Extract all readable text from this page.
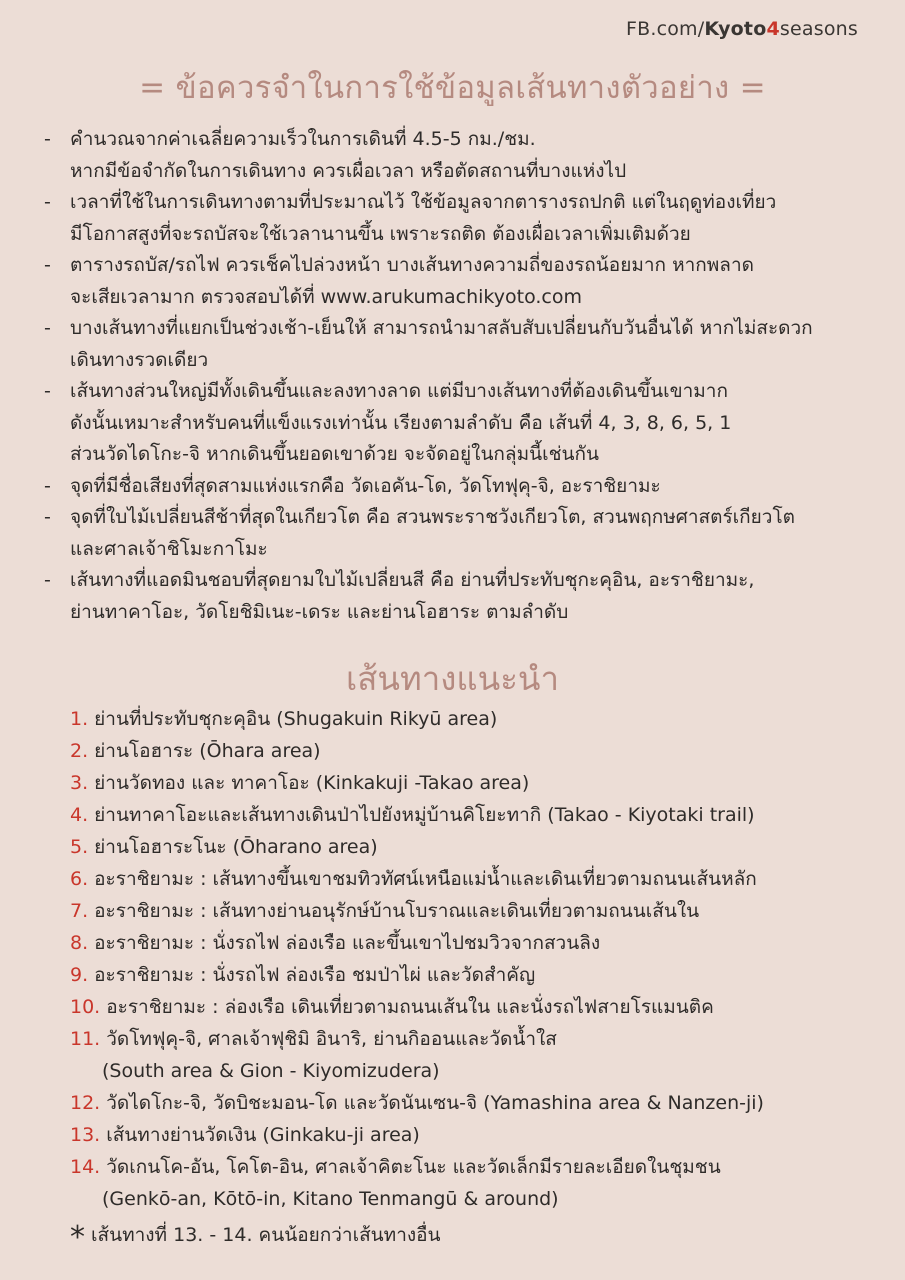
FB.com/Kyoto4seasons
= ข้อควรจำในการใช้ข้อมูลเส้นทางตัวอย่าง =
- คำนวณจากค่าเฉลี่ยความเร็วในการเดินที่ 4.5-5 กม./ชม.
หากมีข้อจำกัดในการเดินทาง ควรเผื่อเวลา หรือตัดสถานที่บางแห่งไป
- เวลาที่ใช้ในการเดินทางตามที่ประมาณไว้ ใช้ข้อมูลจากตารางรถปกติ แต่ในฤดูท่องเที่ยว
มีโอกาสสูงที่จะรถบัสจะใช้เวลานานขึ้น เพราะรถติด ต้องเผื่อเวลาเพิ่มเติมด้วย
- ตารางรถบัส/รถไฟ ควรเช็คไปล่วงหน้า บางเส้นทางความถี่ของรถน้อยมาก หากพลาด
จะเสียเวลามาก ตรวจสอบได้ที่ www.arukumachikyoto.com
- บางเส้นทางที่แยกเป็นช่วงเช้า-เย็นให้ สามารถนำมาสลับสับเปลี่ยนกับวันอื่นได้ หากไม่สะดวก
เดินทางรวดเดียว
- เส้นทางส่วนใหญ่มีทั้งเดินขึ้นและลงทางลาด แต่มีบางเส้นทางที่ต้องเดินขึ้นเขามาก
ดังนั้นเหมาะสำหรับคนที่แข็งแรงเท่านั้น เรียงตามลำดับ คือ เส้นที่ 4, 3, 8, 6, 5, 1
ส่วนวัดไดโกะ-จิ หากเดินขึ้นยอดเขาด้วย จะจัดอยู่ในกลุ่มนี้เช่นกัน
- จุดที่มีชื่อเสียงที่สุดสามแห่งแรกคือ วัดเอคัน-โด, วัดโทฟุคุ-จิ, อะราชิยามะ
- จุดที่ใบไม้เปลี่ยนสีช้าที่สุดในเกียวโต คือ สวนพระราชวังเกียวโต, สวนพฤกษศาสตร์เกียวโต
และศาลเจ้าชิโมะกาโมะ
- เส้นทางที่แอดมินชอบที่สุดยามใบไม้เปลี่ยนสี คือ ย่านที่ประทับชุกะคุอิน, อะราชิยามะ,
ย่านทาคาโอะ, วัดโยชิมิเนะ-เดระ และย่านโอฮาระ ตามลำดับ
เส้นทางแนะนำ
1. ย่านที่ประทับชุกะคุอิน (Shugakuin Rikyū area)
2. ย่านโอฮาระ (Ōhara area)
3. ย่านวัดทอง และ ทาคาโอะ (Kinkakuji -Takao area)
4. ย่านทาคาโอะและเส้นทางเดินป่าไปยังหมู่บ้านคิโยะทากิ (Takao - Kiyotaki trail)
5. ย่านโอฮาระโนะ (Ōharano area)
6. อะราชิยามะ : เส้นทางขึ้นเขาชมทิวทัศน์เหนือแม่น้ำและเดินเที่ยวตามถนนเส้นหลัก
7. อะราชิยามะ : เส้นทางย่านอนุรักษ์บ้านโบราณและเดินเที่ยวตามถนนเส้นใน
8. อะราชิยามะ : นั่งรถไฟ ล่องเรือ และขึ้นเขาไปชมวิวจากสวนลิง
9. อะราชิยามะ : นั่งรถไฟ ล่องเรือ ชมป่าไผ่ และวัดสำคัญ
10. อะราชิยามะ : ล่องเรือ เดินเที่ยวตามถนนเส้นใน และนั่งรถไฟสายโรแมนติค
11. วัดโทฟุคุ-จิ, ศาลเจ้าฟุชิมิ อินาริ, ย่านกิออนและวัดน้ำใส
(South area & Gion - Kiyomizudera)
12. วัดไดโกะ-จิ, วัดบิชะมอน-โด และวัดนันเซน-จิ (Yamashina area & Nanzen-ji)
13. เส้นทางย่านวัดเงิน (Ginkaku-ji area)
14. วัดเกนโค-อัน, โคโต-อิน, ศาลเจ้าคิตะโนะ และวัดเล็กมีรายละเอียดในชุมชน
(Genkō-an, Kōtō-in, Kitano Tenmangū & around)
* เส้นทางที่ 13. - 14. คนน้อยกว่าเส้นทางอื่น
